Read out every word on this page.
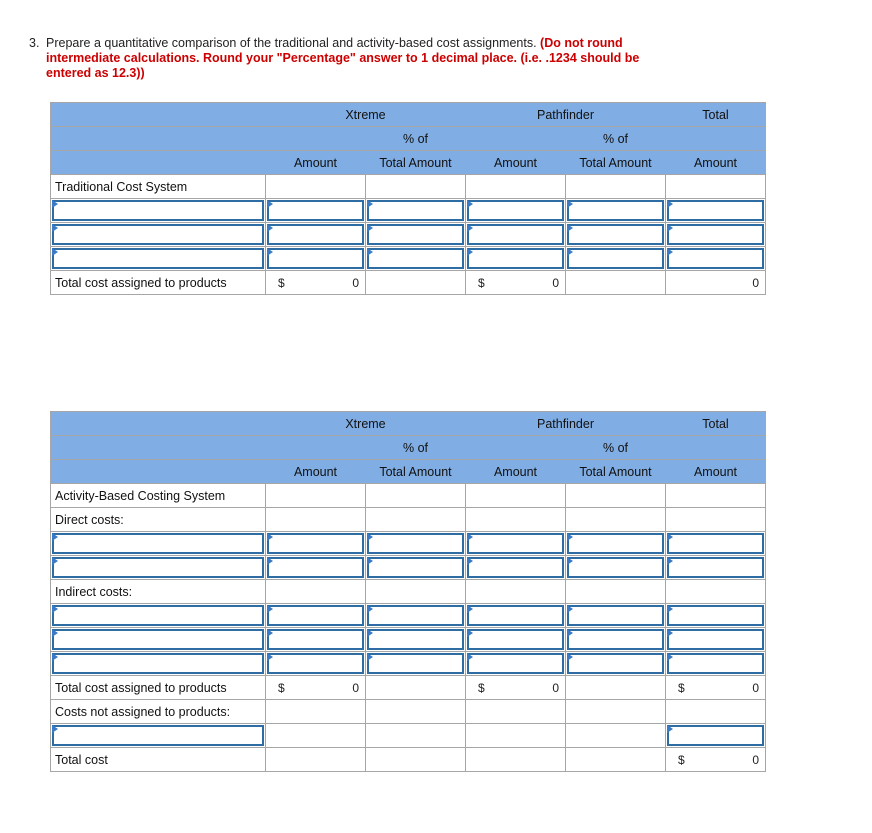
3. Prepare a quantitative comparison of the traditional and activity-based cost assignments. (Do not round intermediate calculations. Round your "Percentage" answer to 1 decimal place. (i.e. .1234 should be entered as 12.3))
	Xtreme		Pathfinder		Total
		% of		% of	
	Amount	Total Amount	Amount	Total Amount	Amount
Traditional Cost System					

Total cost assigned to products	$ 0		$ 0		0
	Xtreme		Pathfinder		Total
		% of		% of	
	Amount	Total Amount	Amount	Total Amount	Amount
Activity-Based Costing System					
Direct costs:					

Indirect costs:					

Total cost assigned to products	$ 0		$ 0		$ 0

Costs not assigned to products:					

Total cost					$ 0
